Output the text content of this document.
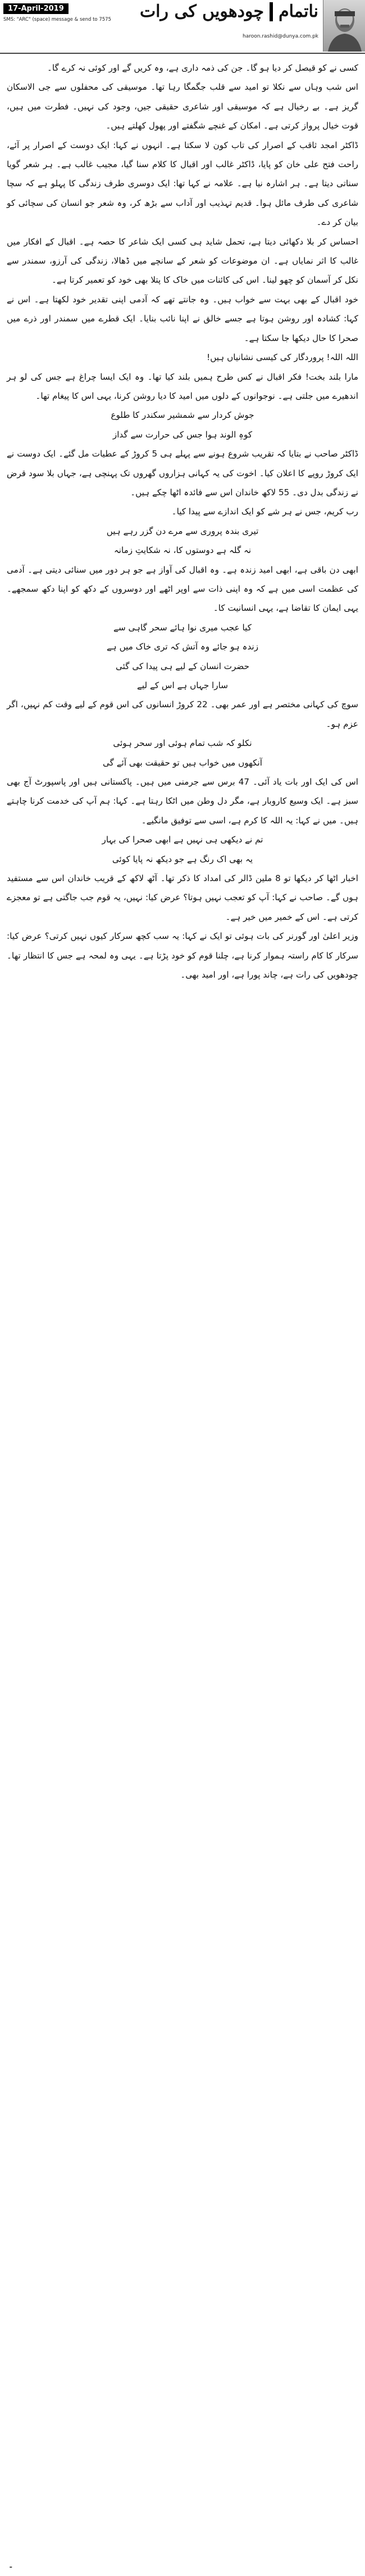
17-April-2019
SMS: "ARC" (space) message & send to 7575	ناتمامچودھویں کی رات
haroon.rashid@dunya.com.pk

کسی نے کو قیصل کر دیا ہو گا۔ جن کی ذمہ داری ہے، وہ کریں گے اور کوئی نہ کرے گا۔

اس شب وہاں سے نکلا تو امید سے قلب جگمگا رہا تھا۔ موسیقی کی محفلوں سے جی الاسکان گریز ہے۔ بے رخیال ہے کہ موسیقی اور شاعری حقیقی جیں، وجود کی نہیں۔ فطرت میں ہیں، قوت خیال پرواز کرتی ہے۔ امکان کے غنچے شگفتے اور پھول کھلتے ہیں۔

ڈاکٹر امجد ثاقب کے اصرار کی تاب کون لا سکتا ہے۔ انہوں نے کہا: ایک دوست کے اصرار پر آئے، راحت فتح علی خان کو پایا، ڈاکٹر غالب اور اقبال کا کلام سنا گیا، مجیب غالب ہے۔ ہر شعر گویا سناتی دیتا ہے۔ ہر اشارہ نیا ہے۔ علامہ نے کہا تھا: ایک دوسری طرف زندگی کا پہلو ہے کہ سچا شاعری کی طرف مائل ہوا۔ قدیم تہذیب اور آداب سے بڑھ کر، وہ شعر جو انسان کی سچائی کو بیان کر دے۔

احساس کر بلا دکھائی دیتا ہے، تحمل شاید ہی کسی ایک شاعر کا حصہ ہے۔ اقبال کے افکار میں غالب کا اثر نمایاں ہے۔ ان موضوعات کو شعر کے سانچے میں ڈھالا، زندگی کی آرزو، سمندر سے نکل کر آسمان کو چھو لینا۔ اس کی کائنات میں خاک کا پتلا بھی خود کو تعمیر کرتا ہے۔

خود اقبال کے بھی بہت سے خواب ہیں۔ وہ جانتے تھے کہ آدمی اپنی تقدیر خود لکھتا ہے۔ اس نے کہا: کشادہ اور روشن ہوتا ہے جسے خالق نے اپنا نائب بنایا۔ ایک قطرے میں سمندر اور ذرے میں صحرا کا حال دیکھا جا سکتا ہے۔

اللہ اللہ! پروردگار کی کیسی نشانیاں ہیں!

مارا بلند بخت! فکر اقبال نے کس طرح ہمیں بلند کیا تھا۔ وہ ایک ایسا چراغ ہے جس کی لو ہر اندھیرے میں جلتی ہے۔ نوجوانوں کے دلوں میں امید کا دیا روشن کرنا، یہی اس کا پیغام تھا۔

جوش کردار سے شمشیر سکندر کا طلوع
کوہِ الوند ہوا جس کی حرارت سے گداز

ڈاکٹر صاحب نے بتایا کہ تقریب شروع ہونے سے پہلے ہی 5 کروڑ کے عطیات مل گئے۔ ایک دوست نے ایک کروڑ روپے کا اعلان کیا۔ اخوت کی یہ کہانی ہزاروں گھروں تک پہنچی ہے، جہاں بلا سود قرض نے زندگی بدل دی۔ 55 لاکھ خاندان اس سے فائدہ اٹھا چکے ہیں۔

رب کریم، جس نے ہر شے کو ایک اندازے سے پیدا کیا۔

تیری بندہ پروری سے مرے دن گزر رہے ہیں
نہ گلہ ہے دوستوں کا، نہ شکایتِ زمانہ

ابھی دن باقی ہے، ابھی امید زندہ ہے۔ وہ اقبال کی آواز ہے جو ہر دور میں سنائی دیتی ہے۔ آدمی کی عظمت اسی میں ہے کہ وہ اپنی ذات سے اوپر اٹھے اور دوسروں کے دکھ کو اپنا دکھ سمجھے۔ یہی ایمان کا تقاضا ہے، یہی انسانیت کا۔

کیا عجب میری نوا ہائے سحر گاہی سے
زندہ ہو جائے وہ آتش کہ تری خاک میں ہے
حضرت انسان کے لیے ہی پیدا کی گئی
سارا جہاں ہے اس کے لیے

سوچ کی کہانی مختصر ہے اور عمر بھی۔ 22 کروڑ انسانوں کی اس قوم کے لیے وقت کم نہیں، اگر عزم ہو۔

نکلو کہ شب تمام ہوئی اور سحر ہوئی
آنکھوں میں خواب ہیں تو حقیقت بھی آئے گی

اس کی ایک اور بات یاد آئی۔ 47 برس سے جرمنی میں ہیں۔ پاکستانی ہیں اور پاسپورٹ آج بھی سبز ہے۔ ایک وسیع کاروبار ہے، مگر دل وطن میں اٹکا رہتا ہے۔ کہا: ہم آپ کی خدمت کرنا چاہتے ہیں۔ میں نے کہا: یہ اللہ کا کرم ہے، اسی سے توفیق مانگیے۔

تم نے دیکھی ہی نہیں ہے ابھی صحرا کی بہار
یہ بھی اک رنگ ہے جو دیکھ نہ پایا کوئی

اخبار اٹھا کر دیکھا تو 8 ملین ڈالر کی امداد کا ذکر تھا۔ آٹھ لاکھ کے قریب خاندان اس سے مستفید ہوں گے۔ صاحب نے کہا: آپ کو تعجب نہیں ہوتا؟ عرض کیا: نہیں، یہ قوم جب جاگتی ہے تو معجزے کرتی ہے۔ اس کے خمیر میں خیر ہے۔

وزیر اعلیٰ اور گورنر کی بات ہوئی تو ایک نے کہا: یہ سب کچھ سرکار کیوں نہیں کرتی؟ عرض کیا: سرکار کا کام راستہ ہموار کرنا ہے، چلنا قوم کو خود پڑتا ہے۔ یہی وہ لمحہ ہے جس کا انتظار تھا۔ چودھویں کی رات ہے، چاند پورا ہے، اور امید بھی۔

۔
